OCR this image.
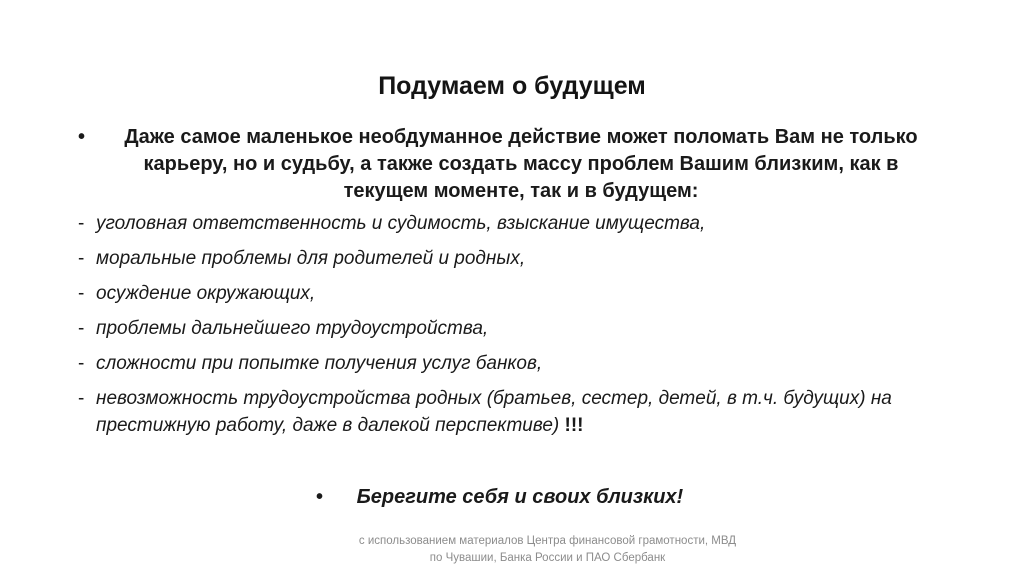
Подумаем о будущем
•	Даже самое маленькое необдуманное действие может поломать Вам не только карьеру, но и судьбу, а также создать массу проблем Вашим близким, как в текущем моменте, так и в будущем:
- уголовная ответственность и судимость, взыскание имущества,
- моральные проблемы для родителей и родных,
- осуждение окружающих,
- проблемы дальнейшего трудоустройства,
- сложности при попытке получения услуг банков,
- невозможность трудоустройства родных (братьев, сестер, детей, в т.ч. будущих) на престижную работу, даже в далекой перспективе) !!!
• Берегите себя и своих близких!
с использованием материалов Центра финансовой грамотности, МВД
по Чувашии, Банка России и ПАО Сбербанк
